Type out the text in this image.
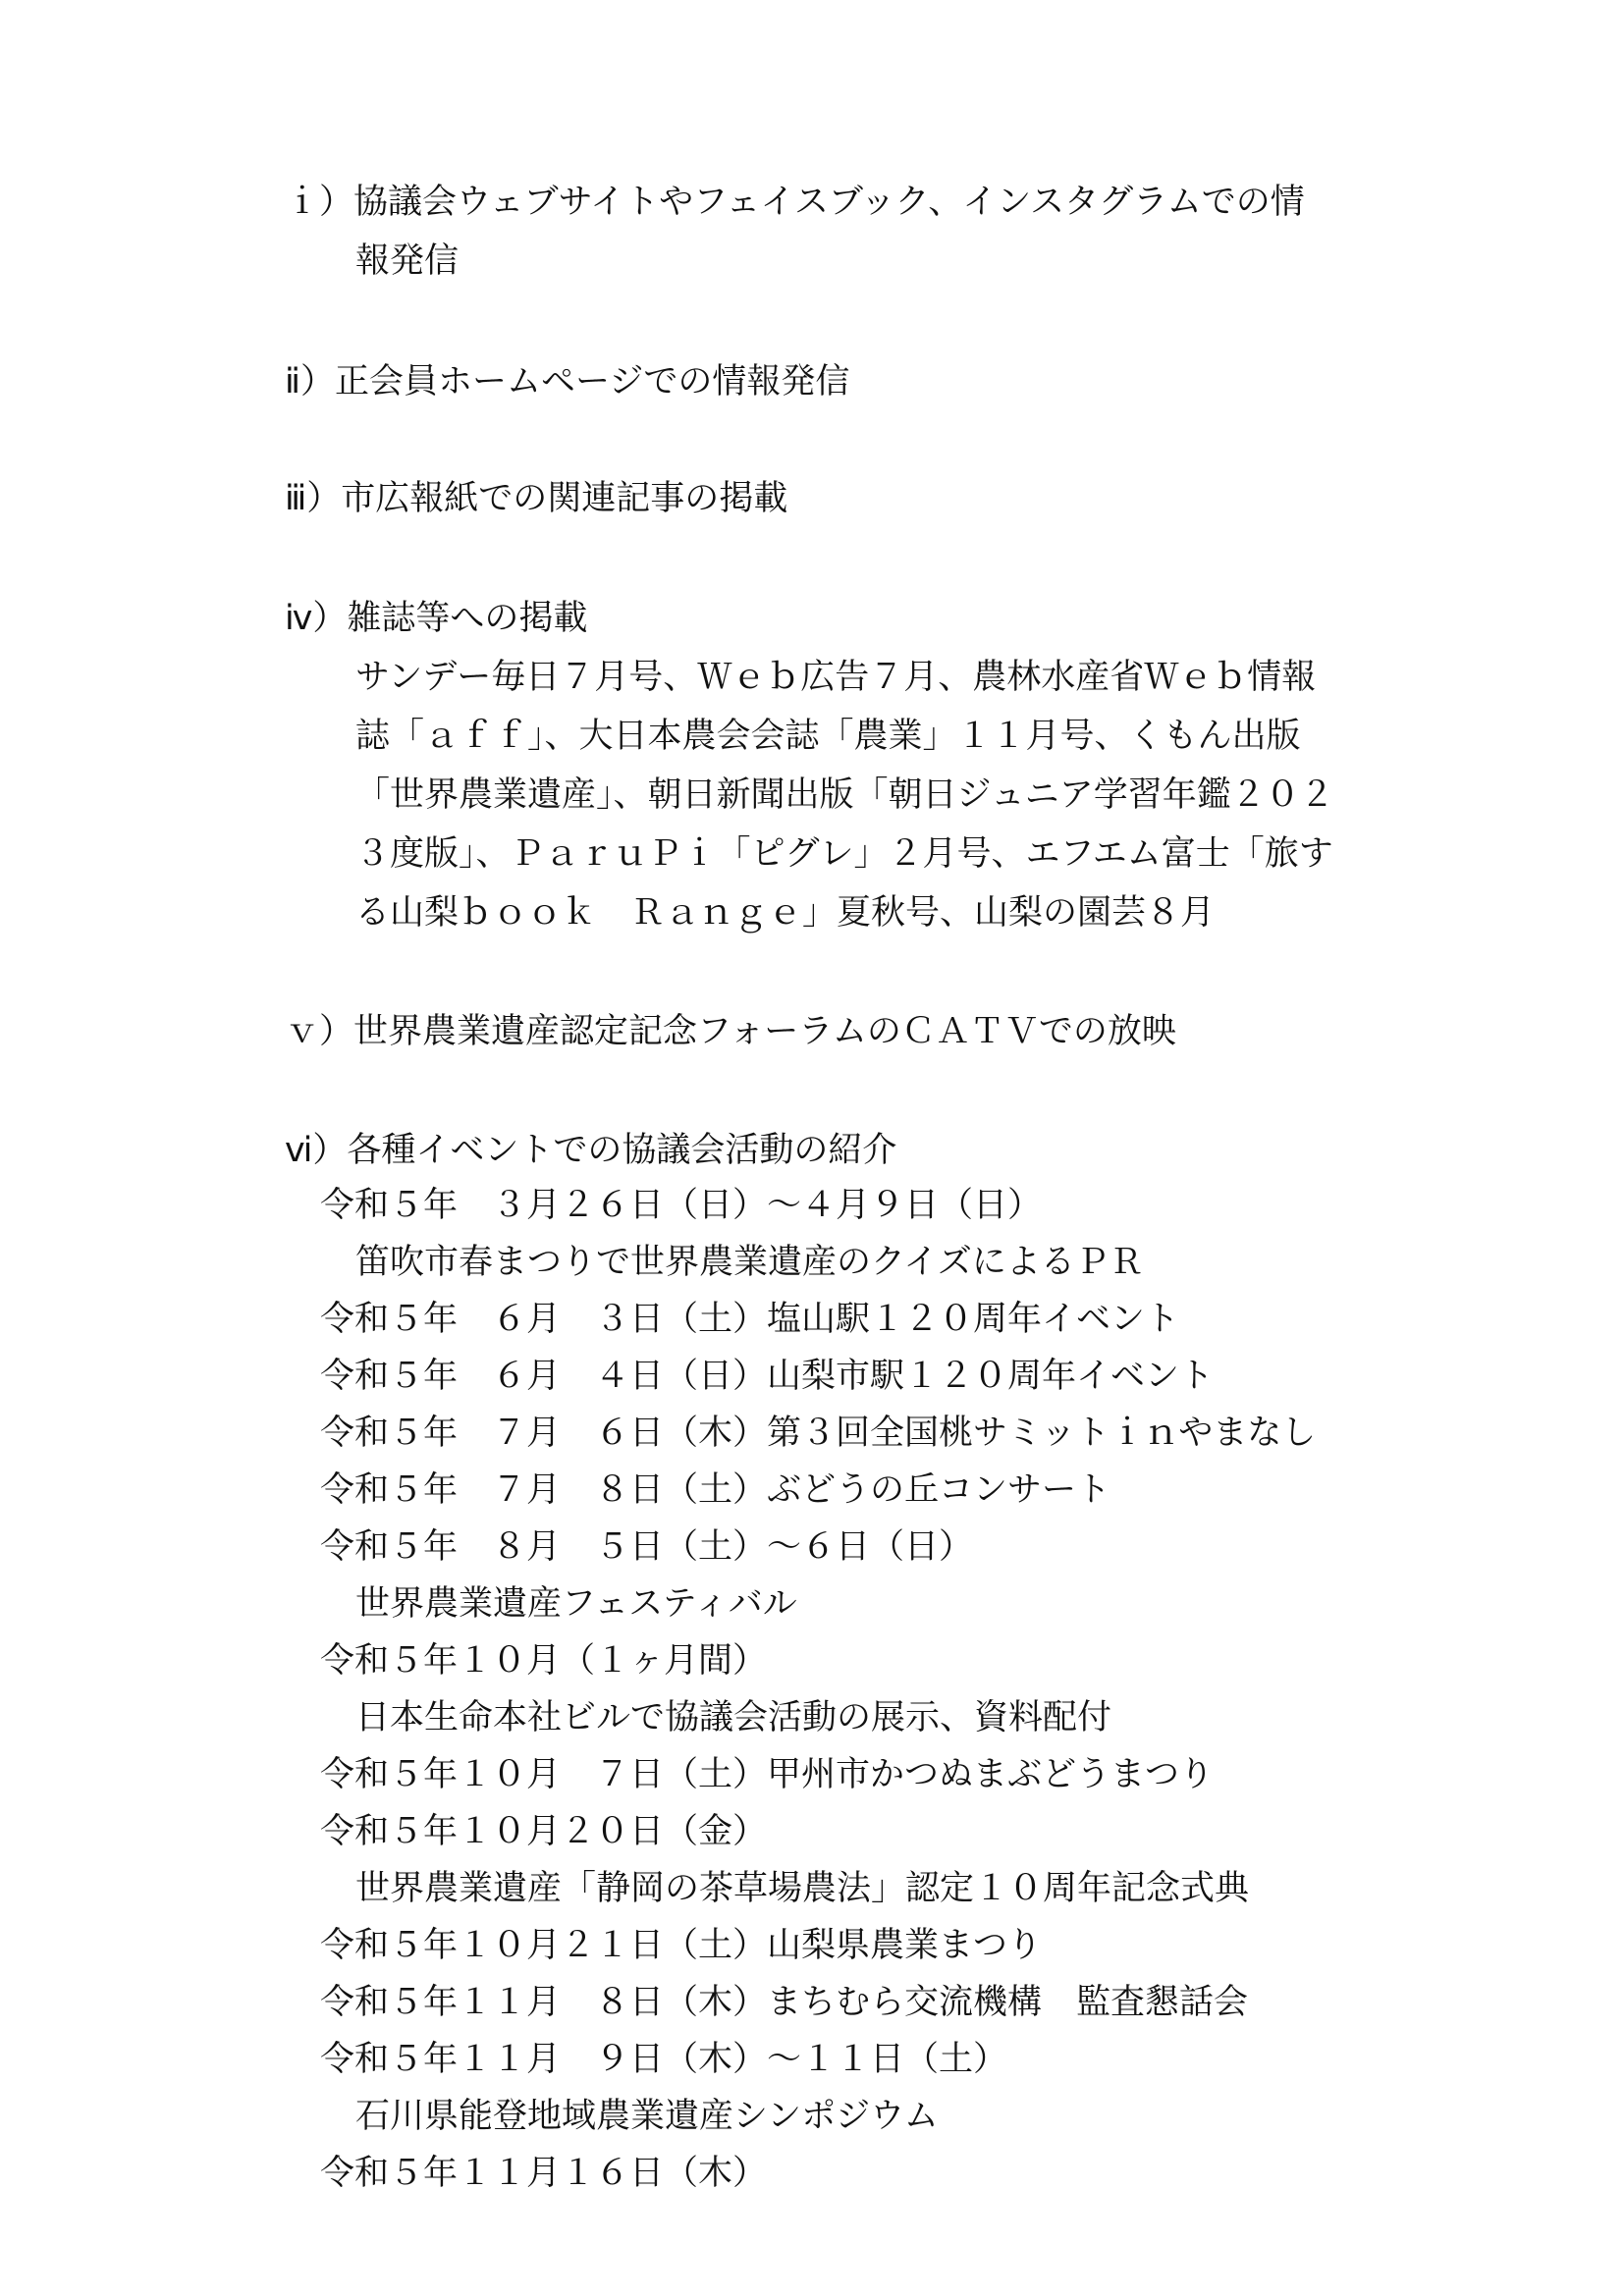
ｉ）協議会ウェブサイトやフェイスブック、インスタグラムでの情

報発信

ⅱ）正会員ホームページでの情報発信

ⅲ）市広報紙での関連記事の掲載

ⅳ）雑誌等への掲載

サンデー毎日７月号、Ｗｅｂ広告７月、農林水産省Ｗｅｂ情報

誌「ａｆｆ」、大日本農会会誌「農業」１１月号、くもん出版

「世界農業遺産」、朝日新聞出版「朝日ジュニア学習年鑑２０２

３度版」、ＰａｒｕＰｉ「ピグレ」２月号、エフエム富士「旅す

る山梨ｂｏｏｋ　Ｒａｎｇｅ」夏秋号、山梨の園芸８月

ｖ）世界農業遺産認定記念フォーラムのＣＡＴＶでの放映

ⅵ）各種イベントでの協議会活動の紹介

令和５年　３月２６日（日）～４月９日（日）

笛吹市春まつりで世界農業遺産のクイズによるＰＲ

令和５年　６月　３日（土）塩山駅１２０周年イベント

令和５年　６月　４日（日）山梨市駅１２０周年イベント

令和５年　７月　６日（木）第３回全国桃サミットｉｎやまなし

令和５年　７月　８日（土）ぶどうの丘コンサート

令和５年　８月　５日（土）～６日（日）

世界農業遺産フェスティバル

令和５年１０月（１ヶ月間）

日本生命本社ビルで協議会活動の展示、資料配付

令和５年１０月　７日（土）甲州市かつぬまぶどうまつり

令和５年１０月２０日（金）

世界農業遺産「静岡の茶草場農法」認定１０周年記念式典

令和５年１０月２１日（土）山梨県農業まつり

令和５年１１月　８日（木）まちむら交流機構　監査懇話会

令和５年１１月　９日（木）～１１日（土）

石川県能登地域農業遺産シンポジウム

令和５年１１月１６日（木）
